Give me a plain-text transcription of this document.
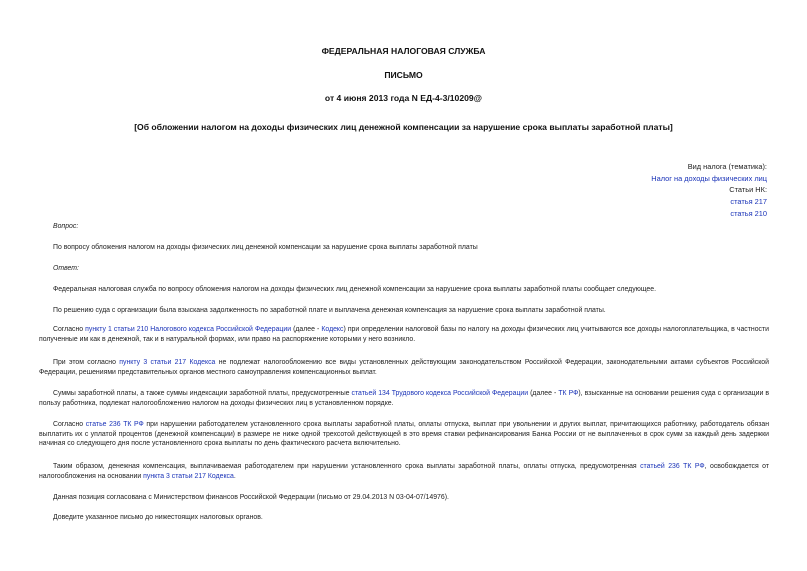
ФЕДЕРАЛЬНАЯ НАЛОГОВАЯ СЛУЖБА
ПИСЬМО
от 4 июня 2013 года N ЕД-4-3/10209@
[Об обложении налогом на доходы физических лиц денежной компенсации за нарушение срока выплаты заработной платы]
Вид налога (тематика):
Налог на доходы физических лиц
Статьи НК:
статья 217
статья 210

Вопрос:

По вопросу обложения налогом на доходы физических лиц денежной компенсации за нарушение срока выплаты заработной платы

Ответ:

Федеральная налоговая служба по вопросу обложения налогом на доходы физических лиц денежной компенсации за нарушение срока выплаты заработной платы сообщает следующее.

По решению суда с организации была взыскана задолженность по заработной плате и выплачена денежная компенсация за нарушение срока выплаты заработной платы.

Согласно пункту 1 статьи 210 Налогового кодекса Российской Федерации (далее - Кодекс) при определении налоговой базы по налогу на доходы физических лиц учитываются все доходы налогоплательщика, в частности полученные им как в денежной, так и в натуральной формах, или право на распоряжение которыми у него возникло.

При этом согласно пункту 3 статьи 217 Кодекса не подлежат налогообложению все виды установленных действующим законодательством Российской Федерации, законодательными актами субъектов Российской Федерации, решениями представительных органов местного самоуправления компенсационных выплат.

Суммы заработной платы, а также суммы индексации заработной платы, предусмотренные статьей 134 Трудового кодекса Российской Федерации (далее - ТК РФ), взысканные на основании решения суда с организации в пользу работника, подлежат налогообложению налогом на доходы физических лиц в установленном порядке.

Согласно статье 236 ТК РФ при нарушении работодателем установленного срока выплаты заработной платы, оплаты отпуска, выплат при увольнении и других выплат, причитающихся работнику, работодатель обязан выплатить их с уплатой процентов (денежной компенсации) в размере не ниже одной трехсотой действующей в это время ставки рефинансирования Банка России от не выплаченных в срок сумм за каждый день задержки начиная со следующего дня после установленного срока выплаты по день фактического расчета включительно.

Таким образом, денежная компенсация, выплачиваемая работодателем при нарушении установленного срока выплаты заработной платы, оплаты отпуска, предусмотренная статьей 236 ТК РФ, освобождается от налогообложения на основании пункта 3 статьи 217 Кодекса.

Данная позиция согласована с Министерством финансов Российской Федерации (письмо от 29.04.2013 N 03-04-07/14976).

Доведите указанное письмо до нижестоящих налоговых органов.
